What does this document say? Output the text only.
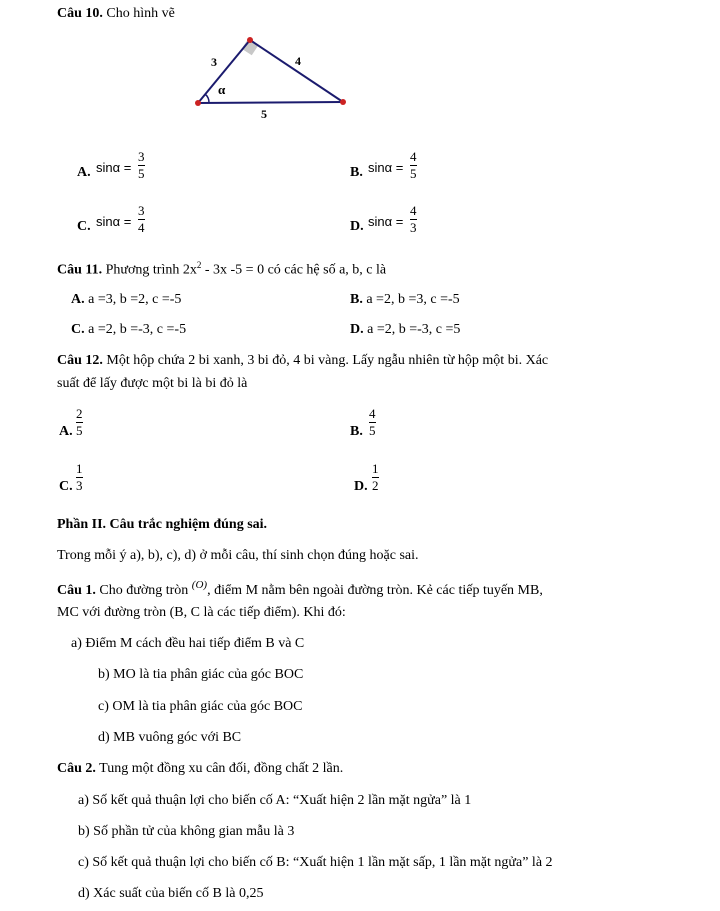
Câu 10. Cho hình vẽ
3	4
5
α
A. sinα =
3
5	B. sinα =
4
5
C. sinα =
3
4	D. sinα =
4
3
Câu 11. Phương trình $2x^2 - 3x$ -5 = 0 có các hệ số a, b, c là
A. a =3, b =2, c =-5	B. a =2, b =3, c =-5
C. a =2, b =-3, c =-5	D. a =2, b =-3, c =5
Câu 12. Một hộp chứa 2 bi xanh, 3 bi đỏ, 4 bi vàng. Lấy ngẫu nhiên từ hộp một bi. Xác
suất để lấy được một bi là bi đỏ là
A.
2
5	B.
4
5
C.
1
3	D.
1
2
Phần II. Câu trắc nghiệm đúng sai.
Trong mỗi ý a), b), c), d) ở mỗi câu, thí sinh chọn đúng hoặc sai.
Câu 1. Cho đường tròn $^{(O)}$, điểm M nằm bên ngoài đường tròn. Kẻ các tiếp tuyến MB,
MC với đường tròn (B, C là các tiếp điểm). Khi đó:
a) Điểm M cách đều hai tiếp điểm B và C
b) MO là tia phân giác của góc BOC
c) OM là tia phân giác của góc BOC
d) MB vuông góc với BC
Câu 2. Tung một đồng xu cân đối, đồng chất 2 lần.
a) Số kết quả thuận lợi cho biến cố A: “Xuất hiện 2 lần mặt ngửa” là 1
b) Số phần tử của không gian mẫu là 3
c) Số kết quả thuận lợi cho biến cố B: “Xuất hiện 1 lần mặt sấp, 1 lần mặt ngửa” là 2
d) Xác suất của biến cố B là 0,25
